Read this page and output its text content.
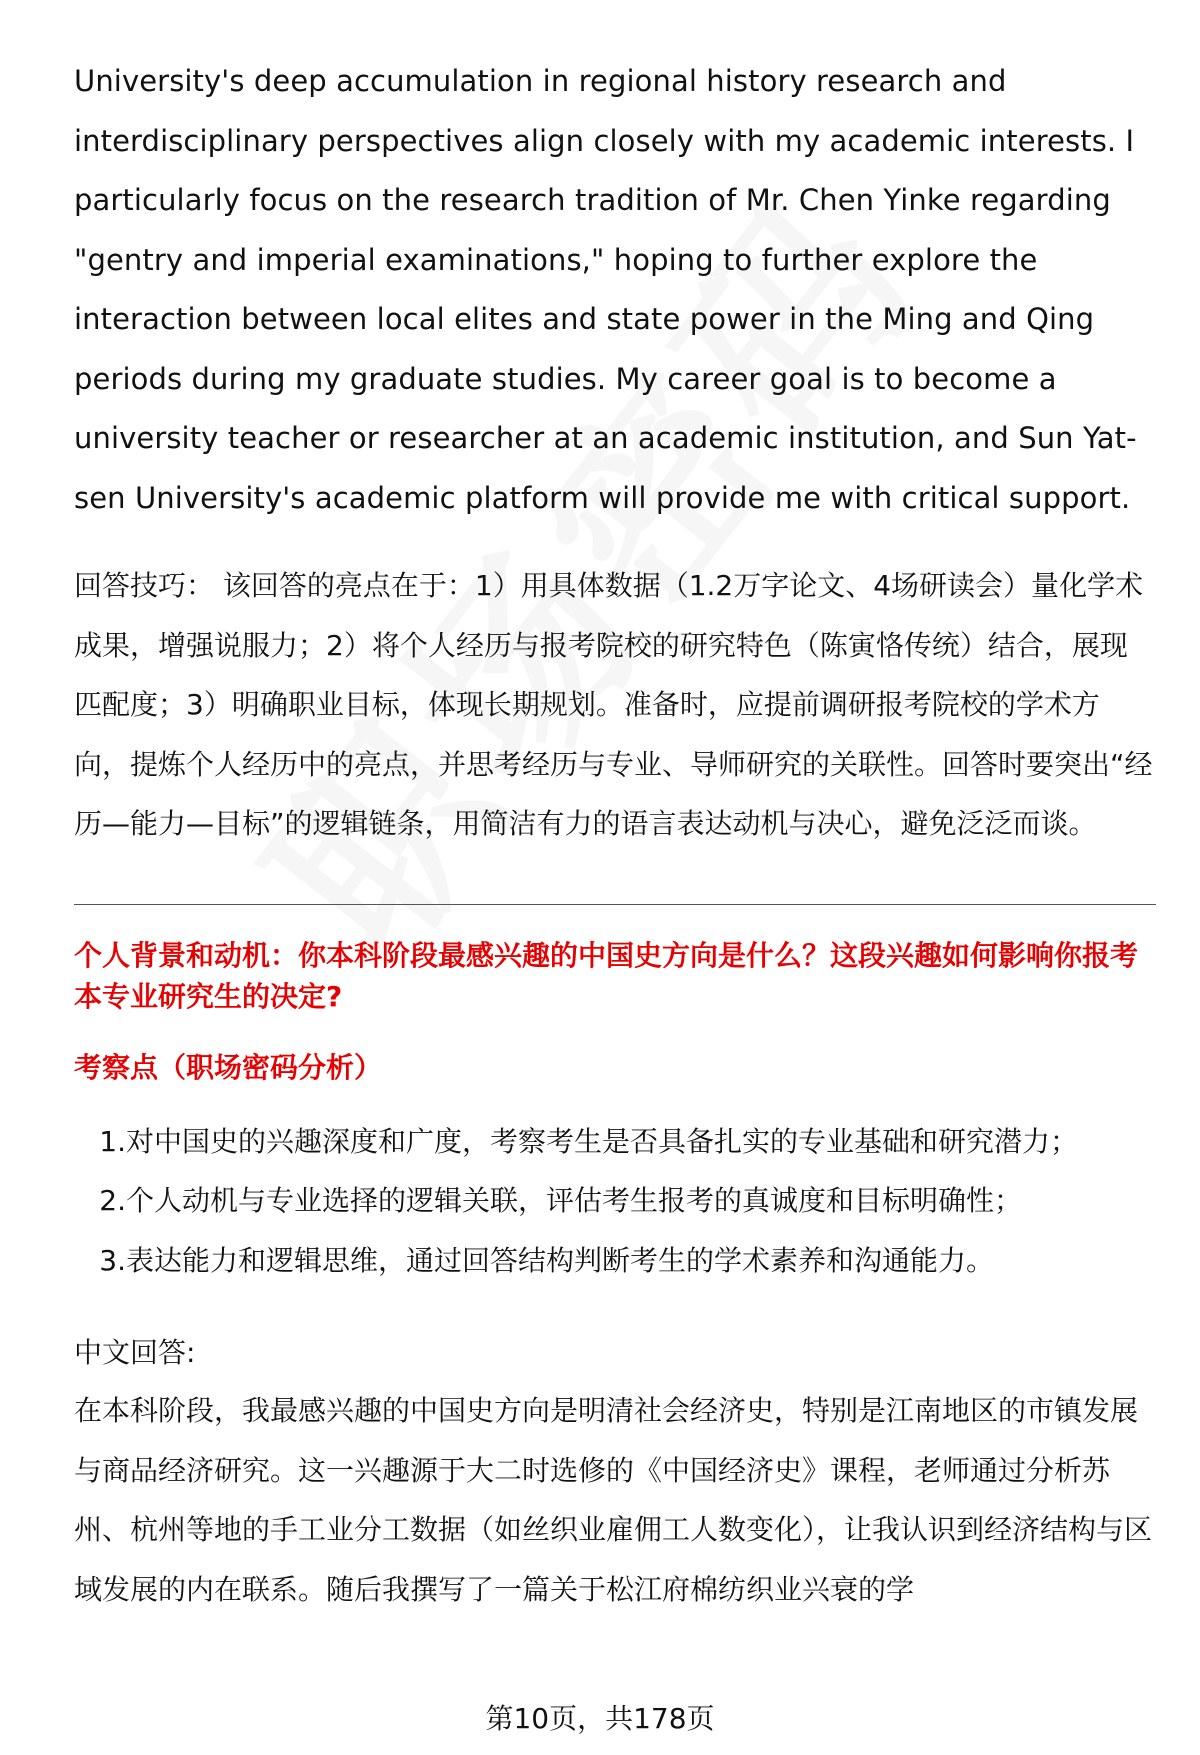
University's deep accumulation in regional history research and interdisciplinary perspectives align closely with my academic interests. I particularly focus on the research tradition of Mr. Chen Yinke regarding "gentry and imperial examinations," hoping to further explore the interaction between local elites and state power in the Ming and Qing periods during my graduate studies. My career goal is to become a university teacher or researcher at an academic institution, and Sun Yat-sen University's academic platform will provide me with critical support.

回答技巧： 该回答的亮点在于：1）用具体数据（1.2万字论文、4场研读会）量化学术成果，增强说服力；2）将个人经历与报考院校的研究特色（陈寅恪传统）结合，展现匹配度；3）明确职业目标，体现长期规划。准备时，应提前调研报考院校的学术方向，提炼个人经历中的亮点，并思考经历与专业、导师研究的关联性。回答时要突出“经历—能力—目标”的逻辑链条，用简洁有力的语言表达动机与决心，避免泛泛而谈。

个人背景和动机：你本科阶段最感兴趣的中国史方向是什么？这段兴趣如何影响你报考本专业研究生的决定?

考察点（职场密码分析）

1. 对中国史的兴趣深度和广度，考察考生是否具备扎实的专业基础和研究潜力；
2. 个人动机与专业选择的逻辑关联，评估考生报考的真诚度和目标明确性；
3. 表达能力和逻辑思维，通过回答结构判断考生的学术素养和沟通能力。

中文回答:

在本科阶段，我最感兴趣的中国史方向是明清社会经济史，特别是江南地区的市镇发展与商品经济研究。这一兴趣源于大二时选修的《中国经济史》课程，老师通过分析苏州、杭州等地的手工业分工数据（如丝织业雇佣工人数变化），让我认识到经济结构与区域发展的内在联系。随后我撰写了一篇关于松江府棉纺织业兴衰的学

第10页，共178页
